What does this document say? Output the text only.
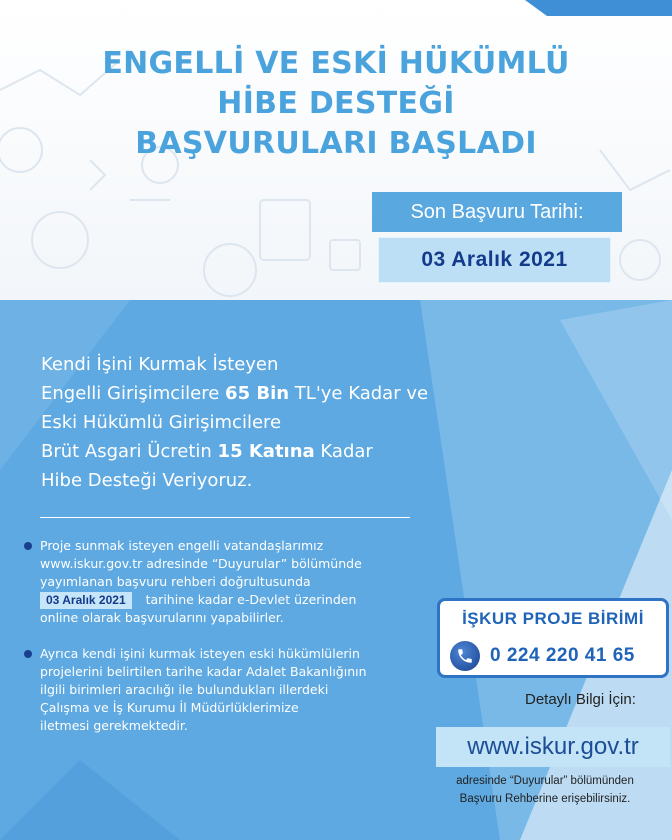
ENGELLİ VE ESKİ HÜKÜMLÜ
HİBE DESTEĞİ
BAŞVURULARI BAŞLADI
Son Başvuru Tarihi:
03 Aralık 2021
Kendi İşini Kurmak İsteyen
Engelli Girişimcilere 65 Bin TL'ye Kadar ve
Eski Hükümlü Girişimcilere
Brüt Asgari Ücretin 15 Katına Kadar
Hibe Desteği Veriyoruz.
Proje sunmak isteyen engelli vatandaşlarımız
www.iskur.gov.tr adresinde “Duyurular” bölümünde
yayımlanan başvuru rehberi doğrultusunda
03 Aralık 2021 tarihine kadar e-Devlet üzerinden
online olarak başvurularını yapabilirler.
Ayrıca kendi işini kurmak isteyen eski hükümlülerin
projelerini belirtilen tarihe kadar Adalet Bakanlığının
ilgili birimleri aracılığı ile bulundukları illerdeki
Çalışma ve İş Kurumu İl Müdürlüklerimize
iletmesi gerekmektedir.
İŞKUR PROJE BİRİMİ
0 224 220 41 65
Detaylı Bilgi İçin:
www.iskur.gov.tr
adresinde “Duyurular” bölümünden
Başvuru Rehberine erişebilirsiniz.
